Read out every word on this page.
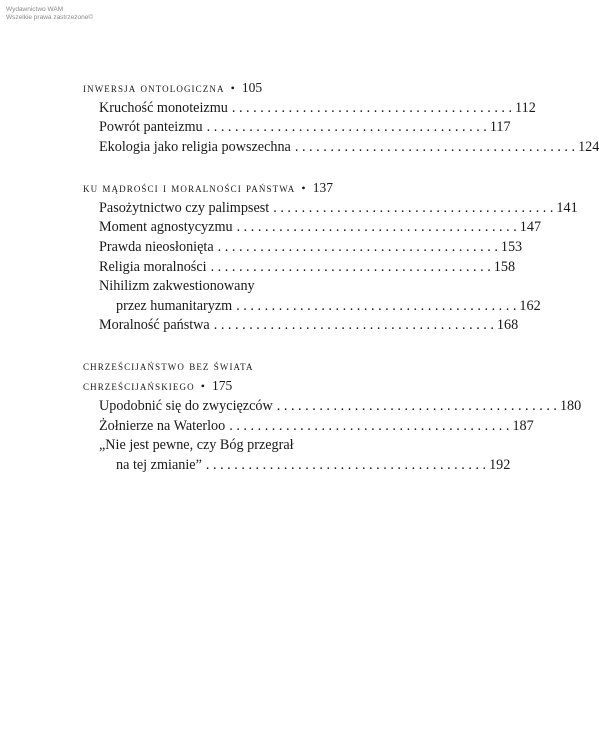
Wydawnictwo WAM
Wszelkie prawa zastrzeżone©
inwersja ontologiczna • 105
Kruchość monoteizmu . . . . . . . . . . . . . . . . . . . . . . . . . . . . . . . . . . . . . . . . 112
Powrót panteizmu . . . . . . . . . . . . . . . . . . . . . . . . . . . . . . . . . . . . . . . . 117
Ekologia jako religia powszechna . . . . . . . . . . . . . . . . . . . . . . . . . . . . . . . . . . . . . . . . 124
ku mądrości i moralności państwa • 137
Pasożytnictwo czy palimpsest . . . . . . . . . . . . . . . . . . . . . . . . . . . . . . . . . . . . . . . . 141
Moment agnostycyzmu . . . . . . . . . . . . . . . . . . . . . . . . . . . . . . . . . . . . . . . . 147
Prawda nieosłonięta . . . . . . . . . . . . . . . . . . . . . . . . . . . . . . . . . . . . . . . . 153
Religia moralności . . . . . . . . . . . . . . . . . . . . . . . . . . . . . . . . . . . . . . . . 158
Nihilizm zakwestionowany
przez humanitaryzm . . . . . . . . . . . . . . . . . . . . . . . . . . . . . . . . . . . . . . . . 162
Moralność państwa . . . . . . . . . . . . . . . . . . . . . . . . . . . . . . . . . . . . . . . . 168
chrześcijaństwo bez świata
chrześcijańskiego • 175
Upodobnić się do zwycięzców . . . . . . . . . . . . . . . . . . . . . . . . . . . . . . . . . . . . . . . . 180
Żołnierze na Waterloo . . . . . . . . . . . . . . . . . . . . . . . . . . . . . . . . . . . . . . . . 187
„Nie jest pewne, czy Bóg przegrał
na tej zmianie” . . . . . . . . . . . . . . . . . . . . . . . . . . . . . . . . . . . . . . . . 192
